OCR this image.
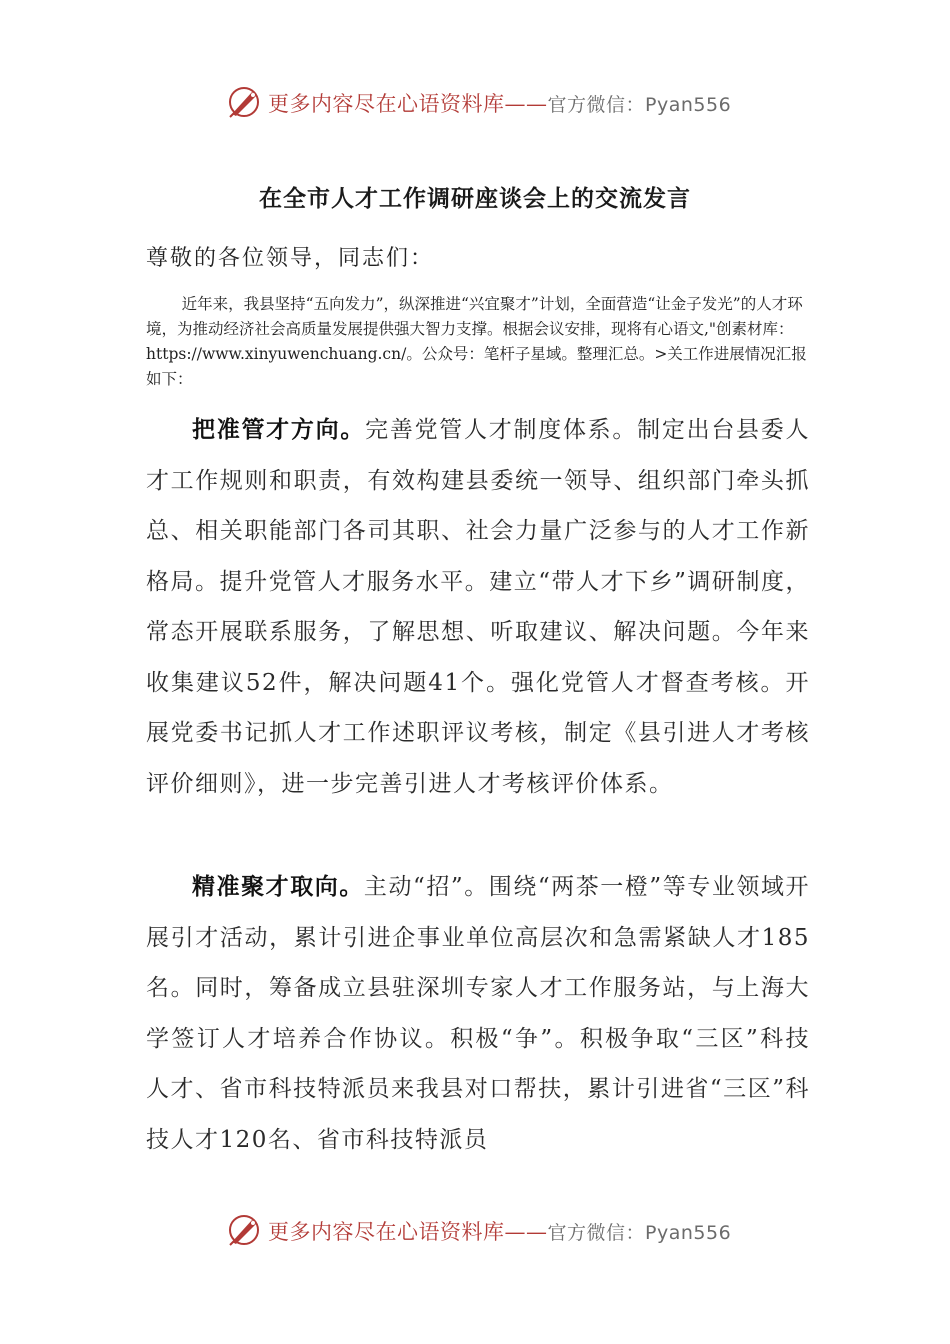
更多内容尽在心语资料库——官方微信：Pyan556
在全市人才工作调研座谈会上的交流发言
尊敬的各位领导，同志们：
近年来，我县坚持“五向发力”，纵深推进“兴宜聚才”计划，全面营造“让金子发光”的人才环境，为推动经济社会高质量发展提供强大智力支撑。根据会议安排，现将有心语文,"创素材库：https://www.xinyuwenchuang.cn/。公众号：笔杆子星域。整理汇总。>关工作进展情况汇报如下：
把准管才方向。完善党管人才制度体系。制定出台县委人才工作规则和职责，有效构建县委统一领导、组织部门牵头抓总、相关职能部门各司其职、社会力量广泛参与的人才工作新格局。提升党管人才服务水平。建立“带人才下乡”调研制度，常态开展联系服务，了解思想、听取建议、解决问题。今年来收集建议52件，解决问题41个。强化党管人才督查考核。开展党委书记抓人才工作述职评议考核，制定《县引进人才考核评价细则》，进一步完善引进人才考核评价体系。
精准聚才取向。主动“招”。围绕“两茶一橙”等专业领域开展引才活动，累计引进企事业单位高层次和急需紧缺人才185名。同时，筹备成立县驻深圳专家人才工作服务站，与上海大学签订人才培养合作协议。积极“争”。积极争取“三区”科技人才、省市科技特派员来我县对口帮扶，累计引进省“三区”科技人才120名、省市科技特派员
更多内容尽在心语资料库——官方微信：Pyan556
